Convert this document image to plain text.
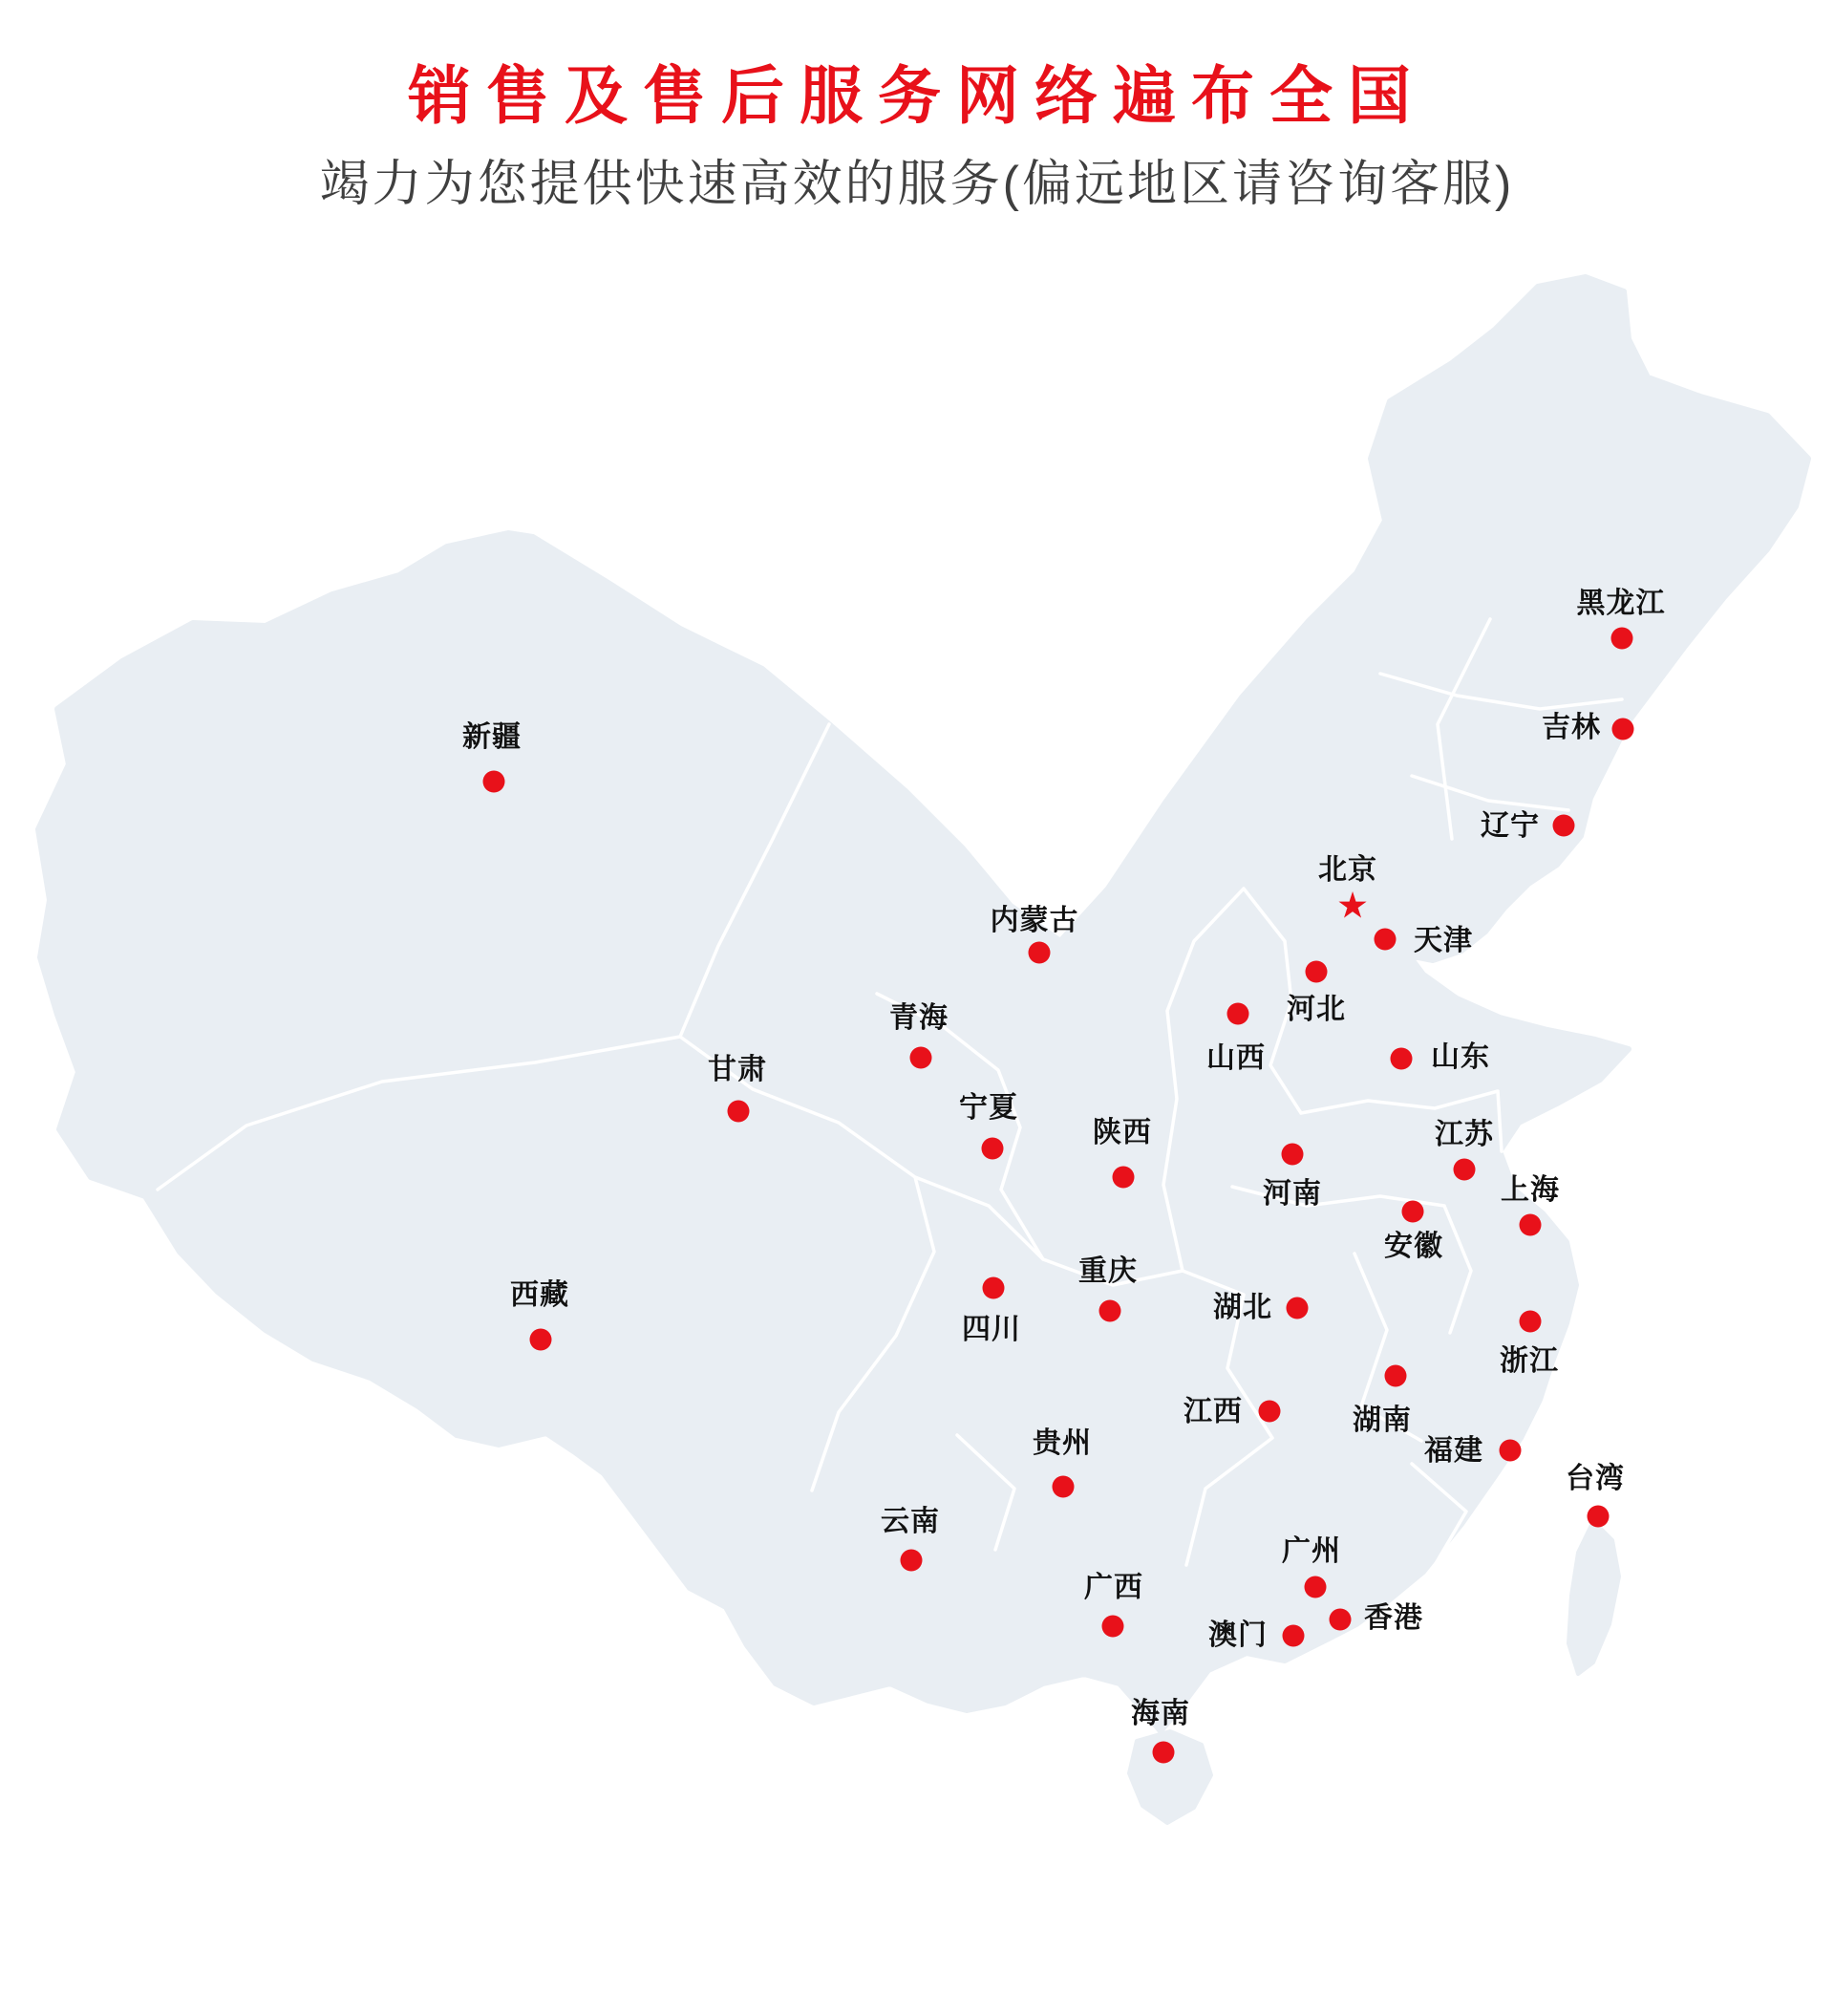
黑龙江
吉林
辽宁
★
北京
天津
河北
山西	山东
新疆
内蒙古
青海
甘肃
宁夏
陕西
河南
江苏
上海
安徽
西藏
四川
重庆
湖北
浙江
江西	湖南
福建
台湾
贵州
云南
广西
广州
澳门
香港
海南
销售及售后服务网络遍布全国

竭力为您提供快速高效的服务(偏远地区请咨询客服)
